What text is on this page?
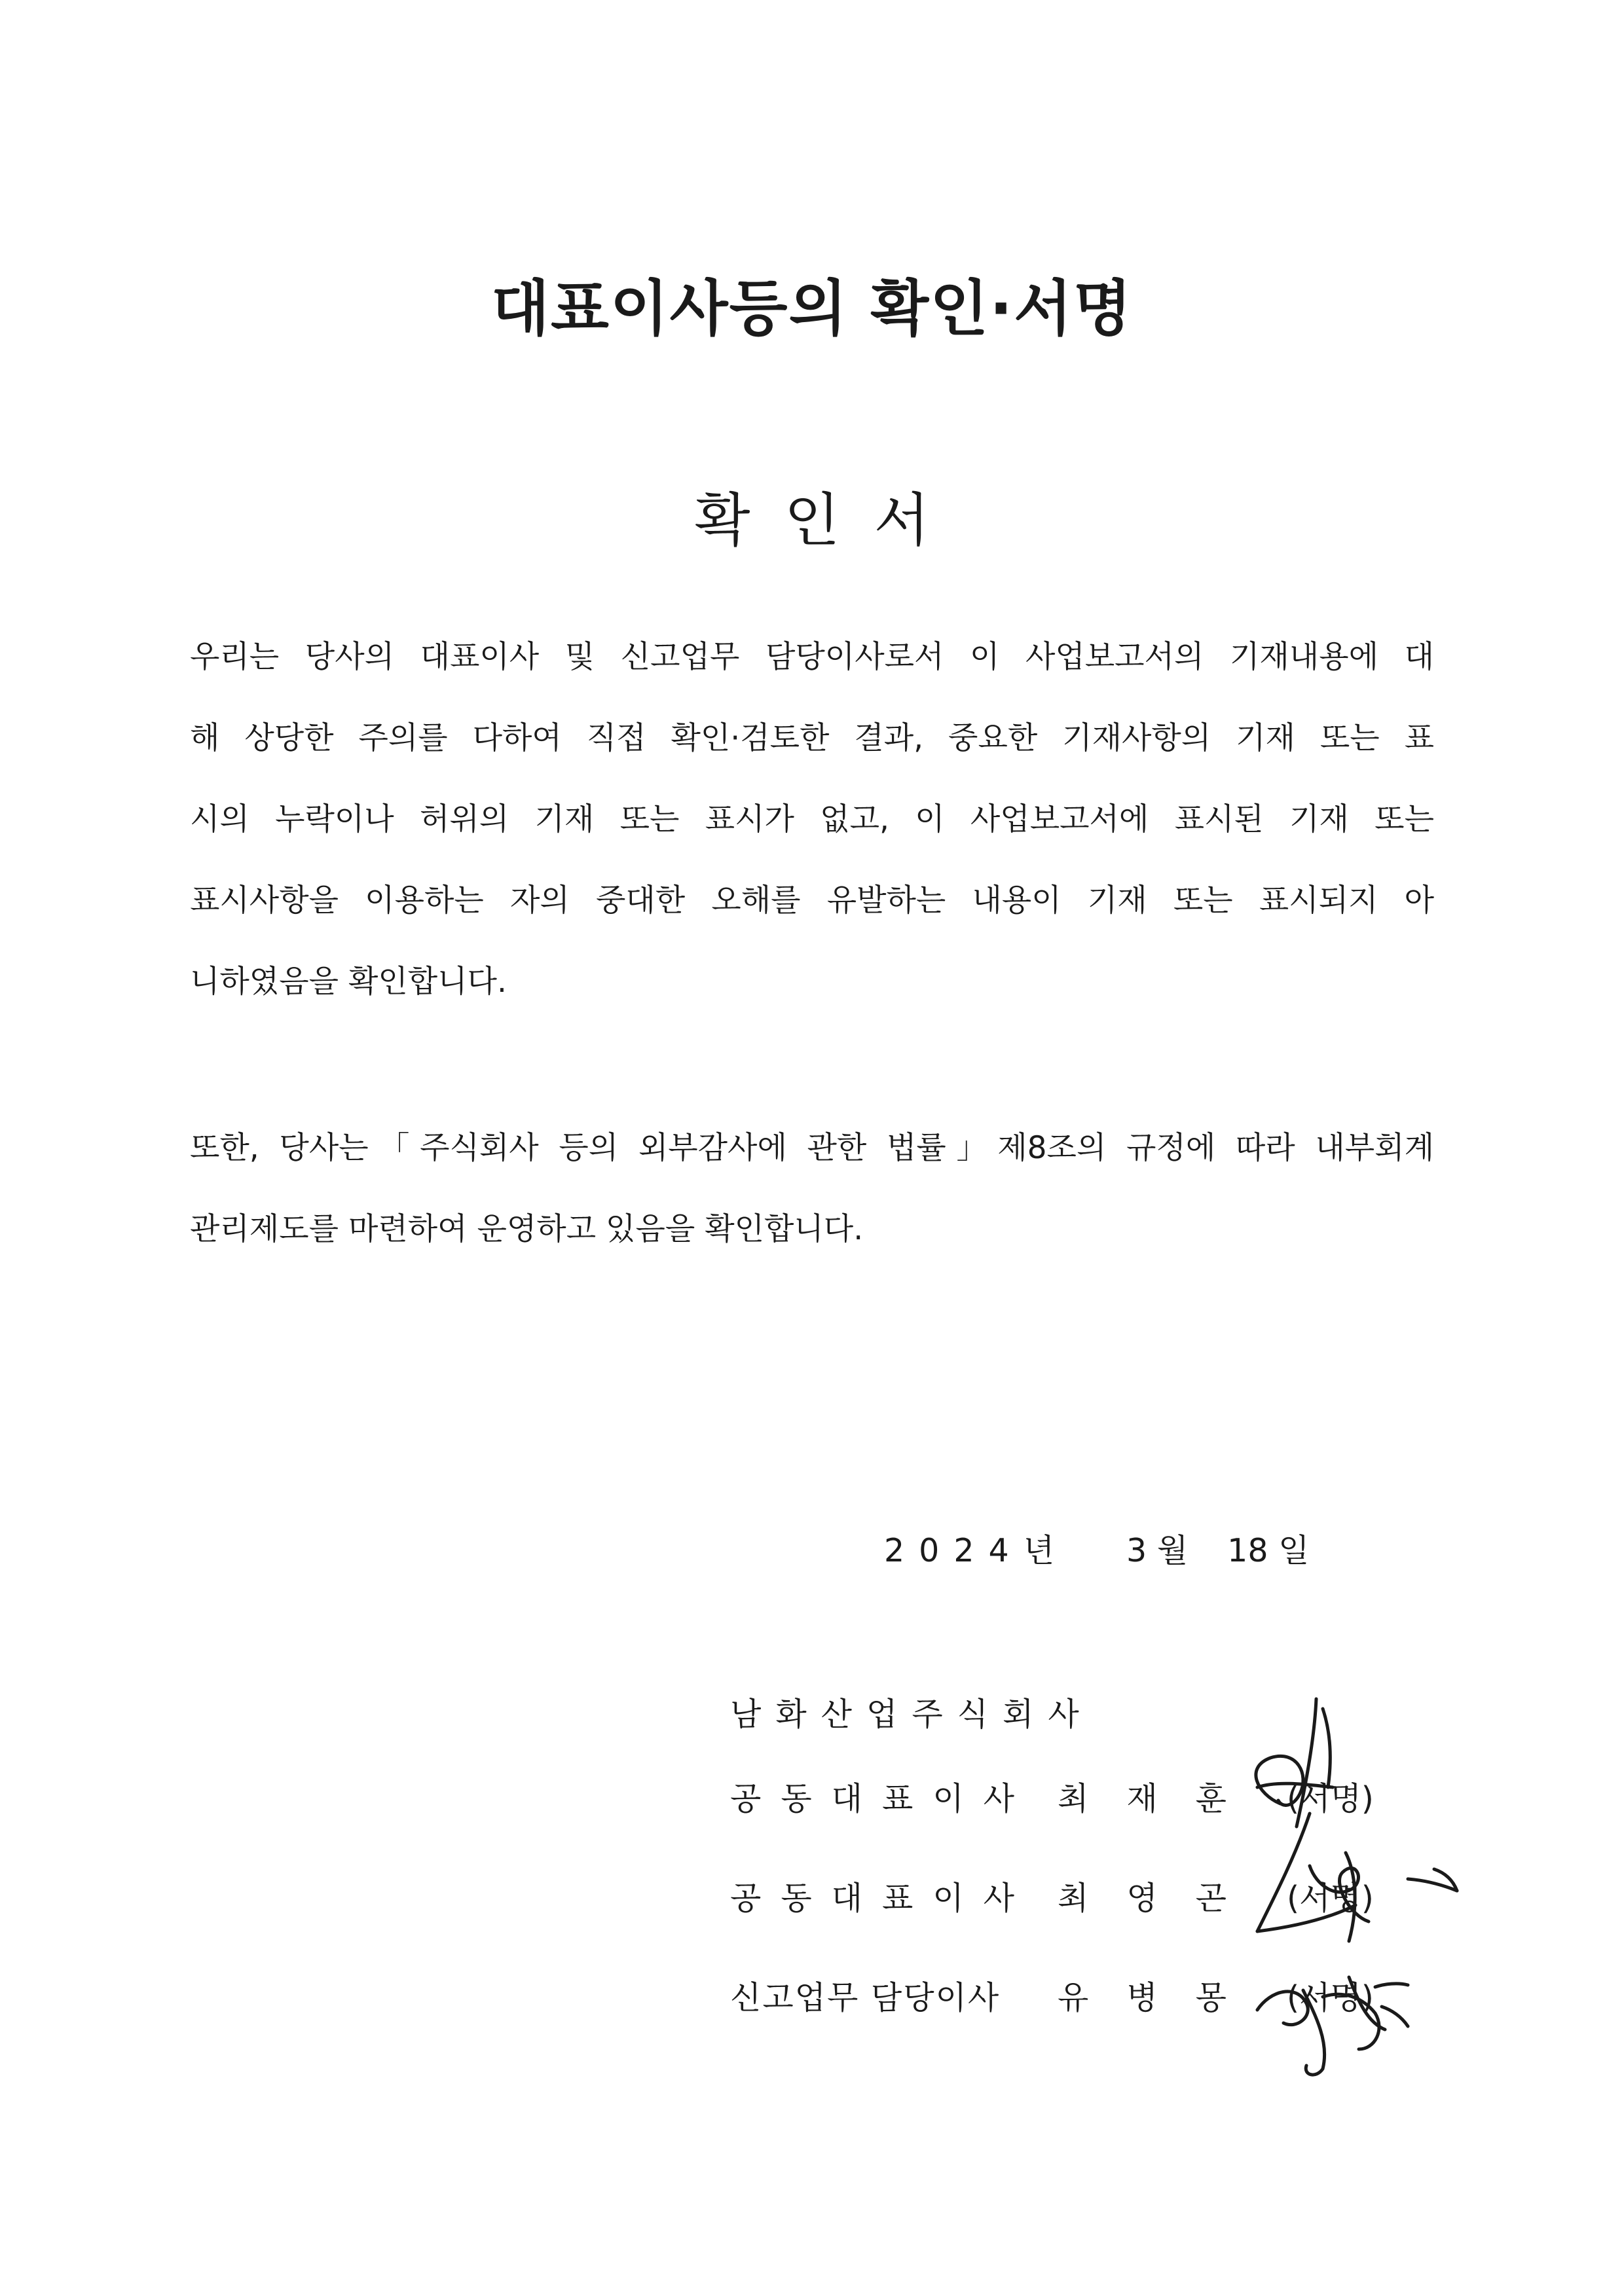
대표이사등의 확인·서명
확인서
우리는 당사의 대표이사 및 신고업무 담당이사로서 이 사업보고서의 기재내용에 대
해 상당한 주의를 다하여 직접 확인·검토한 결과, 중요한 기재사항의 기재 또는 표
시의 누락이나 허위의 기재 또는 표시가 없고, 이 사업보고서에 표시된 기재 또는
표시사항을 이용하는 자의 중대한 오해를 유발하는 내용이 기재 또는 표시되지 아
니하였음을 확인합니다.
또한, 당사는「주식회사 등의 외부감사에 관한 법률」제8조의 규정에 따라 내부회계
관리제도를 마련하여 운영하고 있음을 확인합니다.
2024년 3 월 18 일
남화산업주식회사
공동대표이사 최재훈 (서명)
공동대표이사 최영곤 (서명)
신고업무 담당이사 유병몽 (서명)
